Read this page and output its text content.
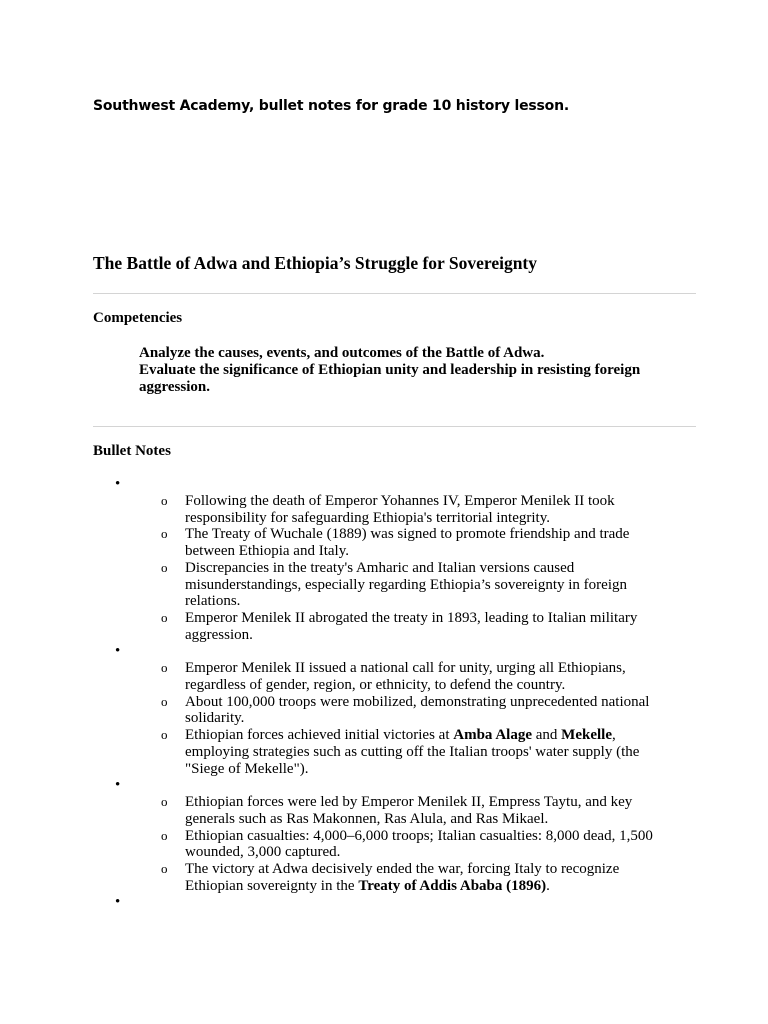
Southwest Academy, bullet notes for grade 10 history lesson.
The Battle of Adwa and Ethiopia’s Struggle for Sovereignty
Competencies
Analyze the causes, events, and outcomes of the Battle of Adwa.
Evaluate the significance of Ethiopian unity and leadership in resisting foreign aggression.
Bullet Notes
•
o Following the death of Emperor Yohannes IV, Emperor Menilek II took responsibility for safeguarding Ethiopia's territorial integrity.
o The Treaty of Wuchale (1889) was signed to promote friendship and trade between Ethiopia and Italy.
o Discrepancies in the treaty's Amharic and Italian versions caused misunderstandings, especially regarding Ethiopia’s sovereignty in foreign relations.
o Emperor Menilek II abrogated the treaty in 1893, leading to Italian military aggression.
•
o Emperor Menilek II issued a national call for unity, urging all Ethiopians, regardless of gender, region, or ethnicity, to defend the country.
o About 100,000 troops were mobilized, demonstrating unprecedented national solidarity.
o Ethiopian forces achieved initial victories at Amba Alage and Mekelle, employing strategies such as cutting off the Italian troops' water supply (the "Siege of Mekelle").
•
o Ethiopian forces were led by Emperor Menilek II, Empress Taytu, and key generals such as Ras Makonnen, Ras Alula, and Ras Mikael.
o Ethiopian casualties: 4,000–6,000 troops; Italian casualties: 8,000 dead, 1,500 wounded, 3,000 captured.
o The victory at Adwa decisively ended the war, forcing Italy to recognize Ethiopian sovereignty in the Treaty of Addis Ababa (1896).
•
